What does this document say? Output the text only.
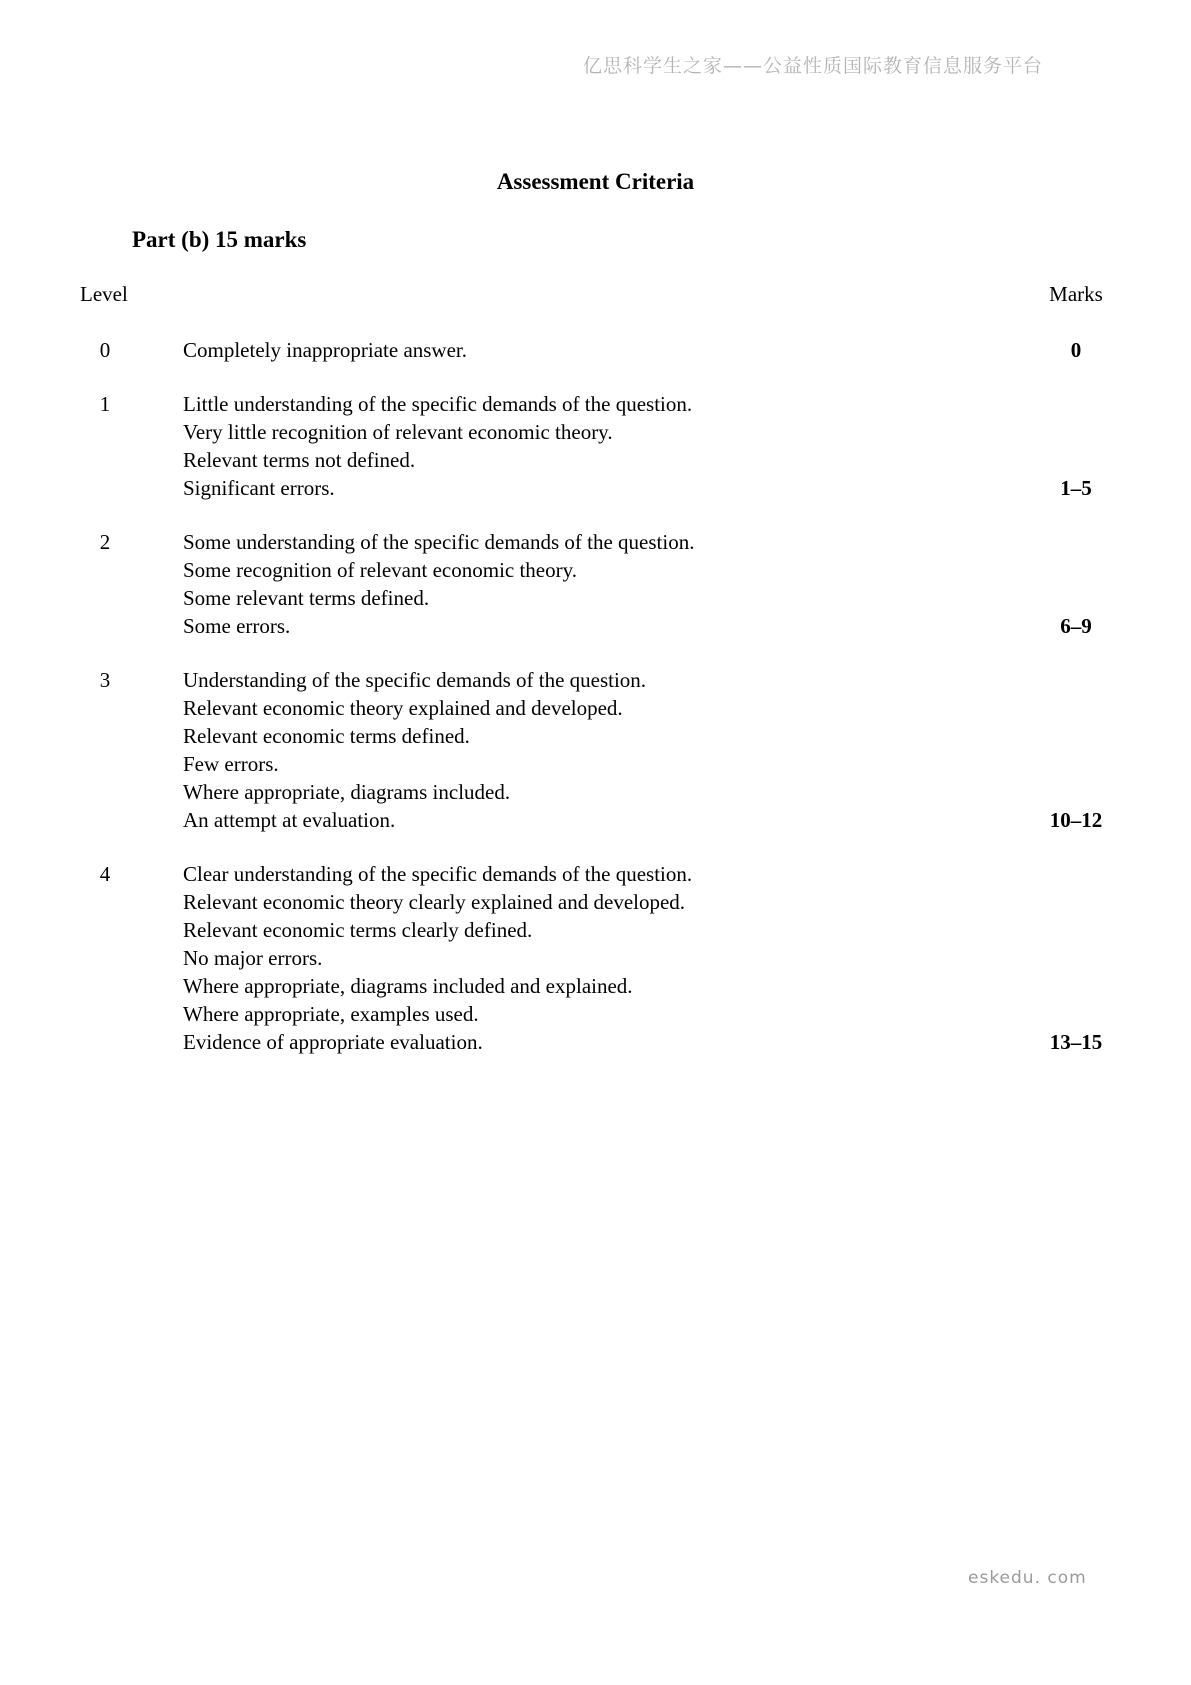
亿思科学生之家——公益性质国际教育信息服务平台
Assessment Criteria
Part (b) 15 marks
Level	Marks
0	Completely inappropriate answer.	0
1	Little understanding of the specific demands of the question.
Very little recognition of relevant economic theory.
Relevant terms not defined.
Significant errors.	1–5
2	Some understanding of the specific demands of the question.
Some recognition of relevant economic theory.
Some relevant terms defined.
Some errors.	6–9
3	Understanding of the specific demands of the question.
Relevant economic theory explained and developed.
Relevant economic terms defined.
Few errors.
Where appropriate, diagrams included.
An attempt at evaluation.	10–12
4	Clear understanding of the specific demands of the question.
Relevant economic theory clearly explained and developed.
Relevant economic terms clearly defined.
No major errors.
Where appropriate, diagrams included and explained.
Where appropriate, examples used.
Evidence of appropriate evaluation.	13–15
eskedu. com
